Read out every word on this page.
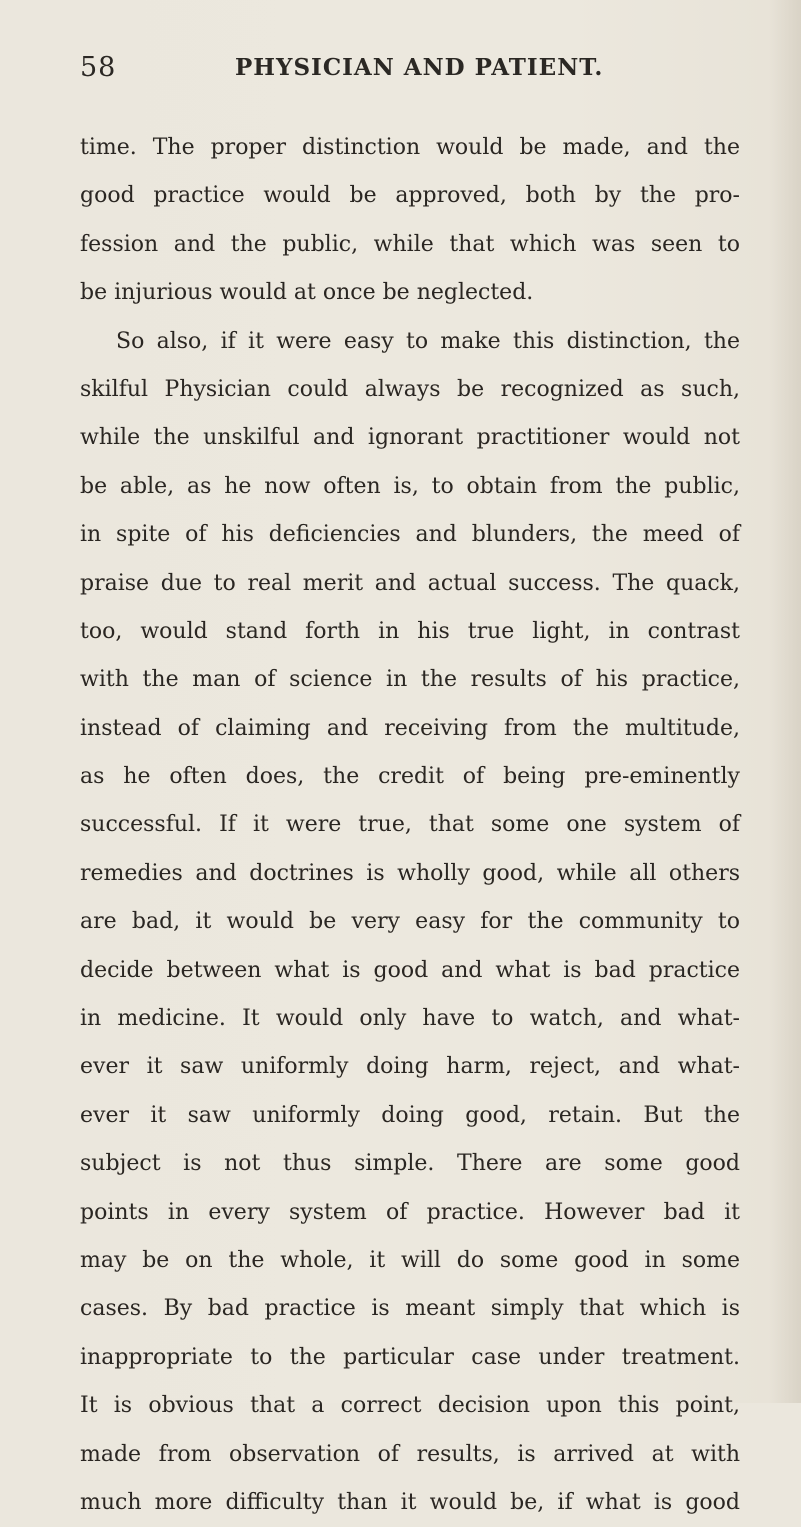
58	PHYSICIAN AND PATIENT.
time. The proper distinction would be made, and the
good practice would be approved, both by the pro-
fession and the public, while that which was seen to
be injurious would at once be neglected.
So also, if it were easy to make this distinction, the
skilful Physician could always be recognized as such,
while the unskilful and ignorant practitioner would not
be able, as he now often is, to obtain from the public,
in spite of his deficiencies and blunders, the meed of
praise due to real merit and actual success. The quack,
too, would stand forth in his true light, in contrast
with the man of science in the results of his practice,
instead of claiming and receiving from the multitude,
as he often does, the credit of being pre-eminently
successful. If it were true, that some one system of
remedies and doctrines is wholly good, while all others
are bad, it would be very easy for the community to
decide between what is good and what is bad practice
in medicine. It would only have to watch, and what-
ever it saw uniformly doing harm, reject, and what-
ever it saw uniformly doing good, retain. But the
subject is not thus simple. There are some good
points in every system of practice. However bad it
may be on the whole, it will do some good in some
cases. By bad practice is meant simply that which is
inappropriate to the particular case under treatment.
It is obvious that a correct decision upon this point,
made from observation of results, is arrived at with
much more difficulty than it would be, if what is good
